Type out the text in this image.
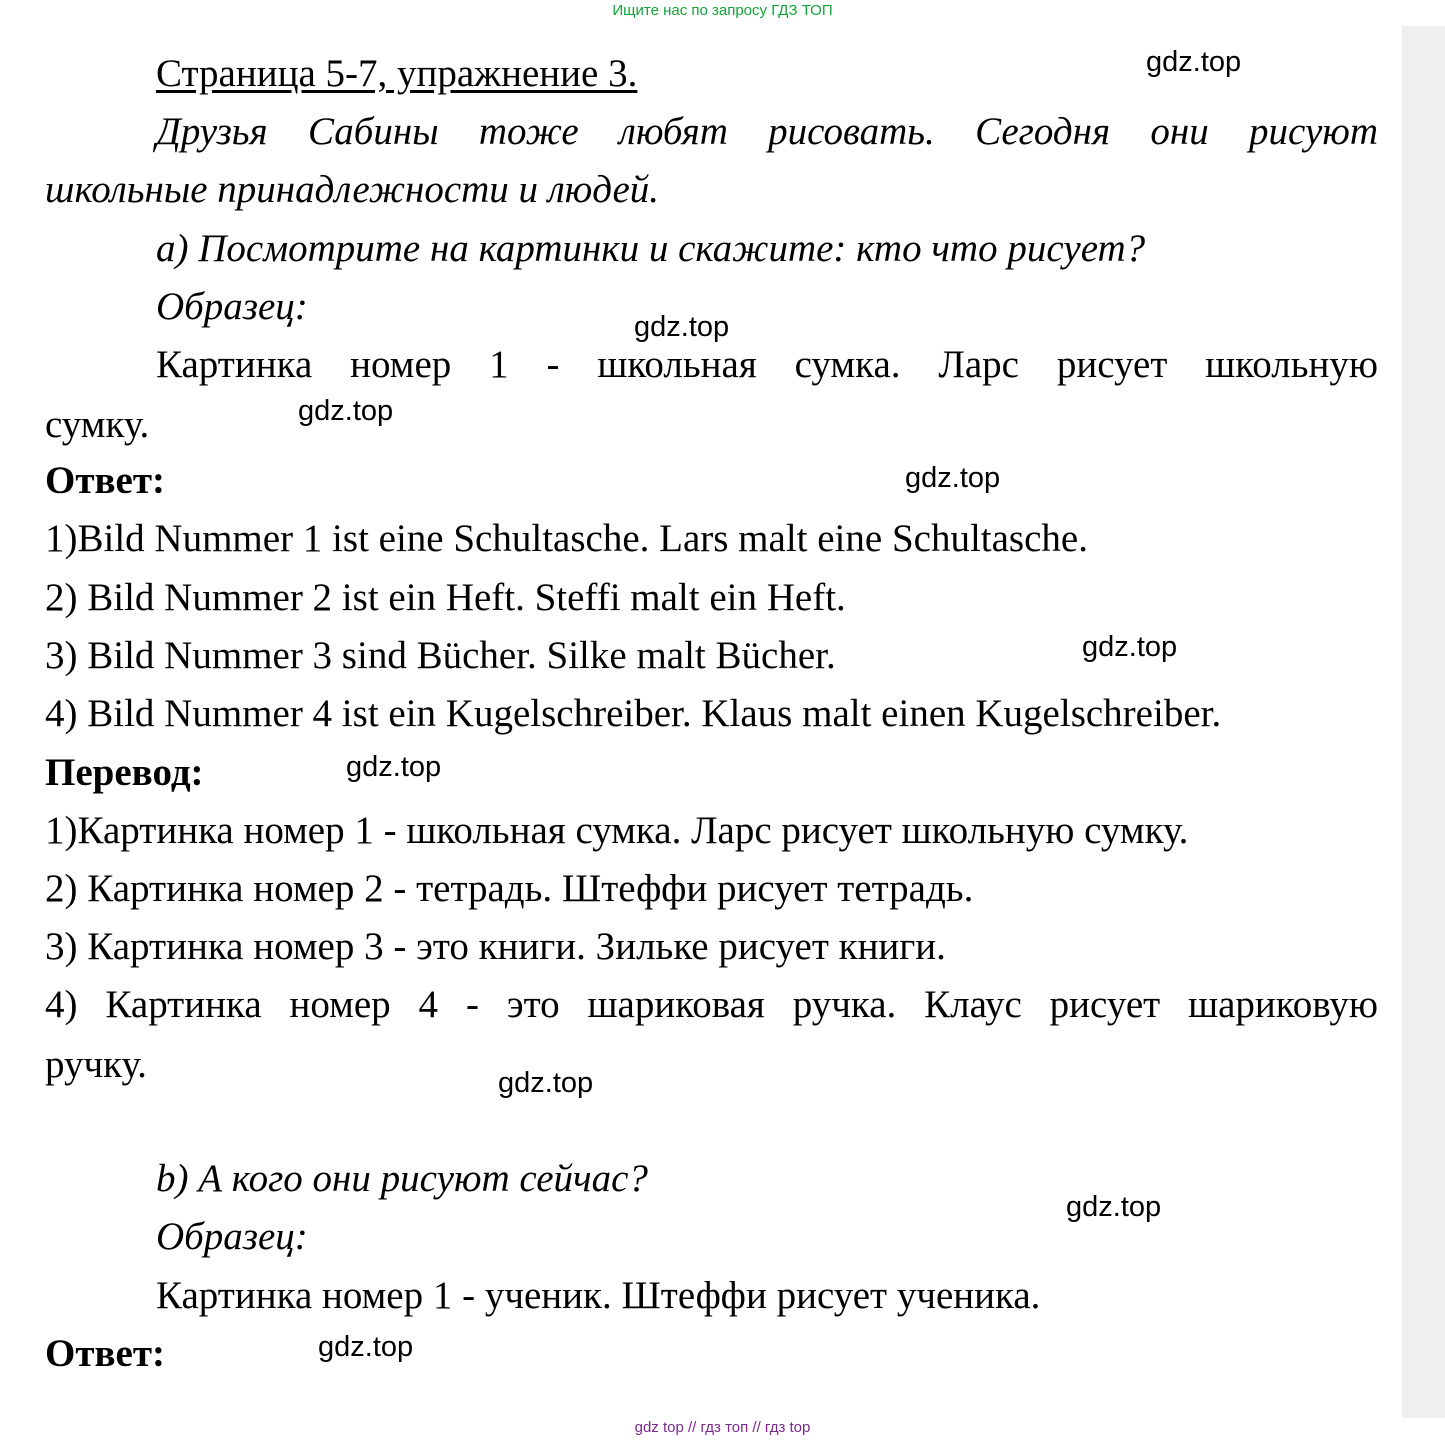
Ищите нас по запросу ГДЗ ТОП
Страница 5-7, упражнение 3.
Друзья Сабины тоже любят рисовать. Сегодня они рисуют
школьные принадлежности и людей.
а) Посмотрите на картинки и скажите: кто что рисует?
Образец:
Картинка номер 1 - школьная сумка. Ларс рисует школьную
сумку.
Ответ:
1)Bild Nummer 1 ist eine Schultasche. Lars malt eine Schultasche.
2) Bild Nummer 2 ist ein Heft. Steffi malt ein Heft.
3) Bild Nummer 3 sind Bücher. Silke malt Bücher.
4) Bild Nummer 4 ist ein Kugelschreiber. Klaus malt einen Kugelschreiber.
Перевод:
1)Картинка номер 1 - школьная сумка. Ларс рисует школьную сумку.
2) Картинка номер 2 - тетрадь. Штеффи рисует тетрадь.
3) Картинка номер 3 - это книги. Зильке рисует книги.
4) Картинка номер 4 - это шариковая ручка. Клаус рисует шариковую
ручку.
b) А кого они рисуют сейчас?
Образец:
Картинка номер 1 - ученик. Штеффи рисует ученика.
Ответ:
gdz.top
gdz.top
gdz.top
gdz.top
gdz.top
gdz.top
gdz.top
gdz.top
gdz.top
gdz top // гдз топ // гдз top
